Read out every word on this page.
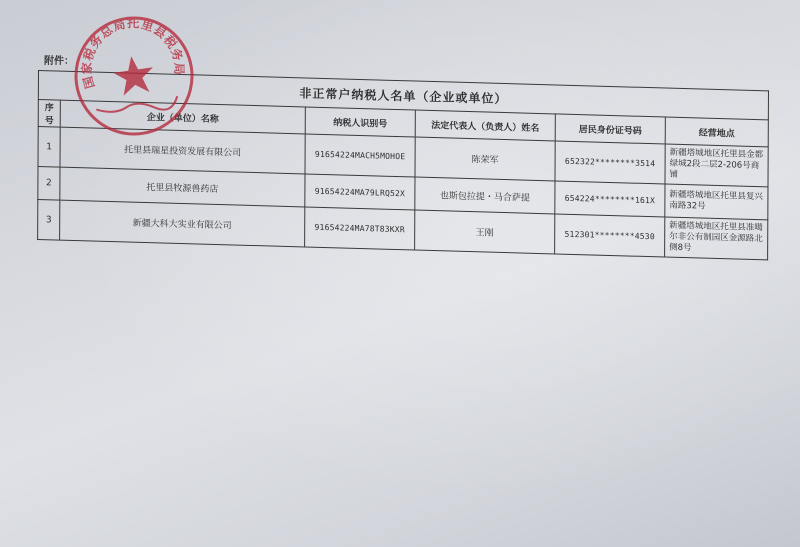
附件：
非正常户纳税人名单（企业或单位）					
序号	企业（单位）名称	纳税人识别号	法定代表人（负责人）姓名	居民身份证号码	经营地点
1	托里县瑞星投资发展有限公司	91654224MACH5MOHOE	陈荣军	652322********3514	新疆塔城地区托里县金都绿城2段二层2-206号商铺
2	托里县牧源兽药店	91654224MA79LRQ52X	也斯包拉提・马合萨提	654224********161X	新疆塔城地区托里县复兴南路32号
3	新疆大科大实业有限公司	91654224MA78T83KXR	王刚	512301********4530	新疆塔城地区托里县准噶尔非公有制园区金源路北侧8号
国家税务总局托里县税务局
